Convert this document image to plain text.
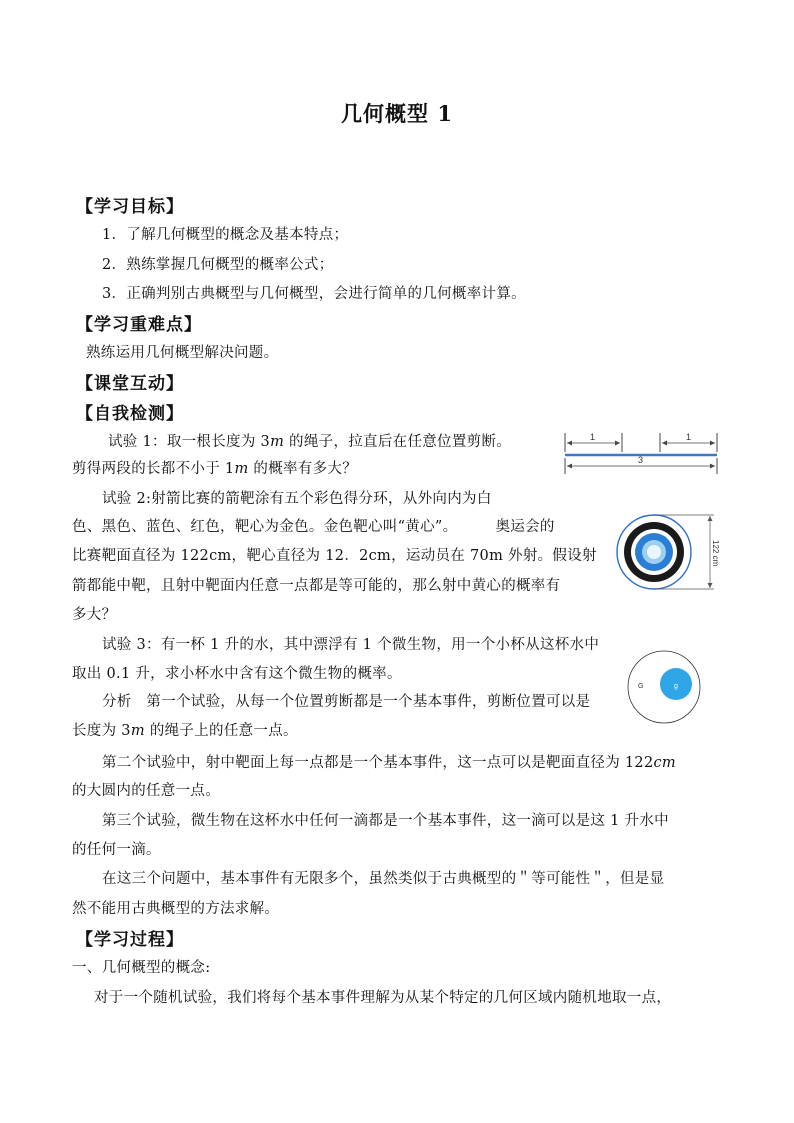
几何概型 1
【学习目标】
1．了解几何概型的概念及基本特点；
2．熟练掌握几何概型的概率公式；
3．正确判别古典概型与几何概型，会进行简单的几何概率计算。
【学习重难点】
熟练运用几何概型解决问题。
【课堂互动】
【自我检测】
试验 1：取一根长度为 3m 的绳子，拉直后在任意位置剪断。
剪得两段的长都不小于 1m 的概率有多大？
1	1
3
试验 2:射箭比赛的箭靶涂有五个彩色得分环，从外向内为白
色、黑色、蓝色、红色，靶心为金色。金色靶心叫“黄心”。	奥运会的
比赛靶面直径为 122cm，靶心直径为 12．2cm，运动员在 70m 外射。假设射
箭都能中靶，且射中靶面内任意一点都是等可能的，那么射中黄心的概率有
多大？
122 cm
试验 3：有一杯 1 升的水，其中漂浮有 1 个微生物，用一个小杯从这杯水中
取出 0.1 升，求小杯水中含有这个微生物的概率。
G	g
分析　第一个试验，从每一个位置剪断都是一个基本事件，剪断位置可以是
长度为 3m 的绳子上的任意一点。
第二个试验中，射中靶面上每一点都是一个基本事件，这一点可以是靶面直径为 122cm
的大圆内的任意一点。
第三个试验，微生物在这杯水中任何一滴都是一个基本事件，这一滴可以是这 1 升水中
的任何一滴。
在这三个问题中，基本事件有无限多个，虽然类似于古典概型的＂等可能性＂，但是显
然不能用古典概型的方法求解。
【学习过程】
一、几何概型的概念:
对于一个随机试验，我们将每个基本事件理解为从某个特定的几何区域内随机地取一点，
